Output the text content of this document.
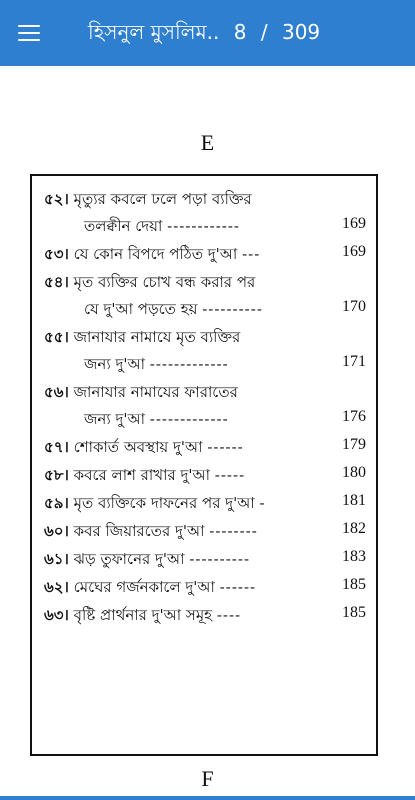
হিসনুল মুসলিম.. 8 / 309
E
৫২। মৃত্যুর কবলে ঢলে পড়া ব্যক্তির
তলক্বীন দেয়া ------------	169
৫৩। যে কোন বিপদে পঠিত দু'আ ---	169
৫৪। মৃত ব্যক্তির চোখ বন্ধ করার পর
যে দু'আ পড়তে হয় ----------	170
৫৫। জানাযার নামাযে মৃত ব্যক্তির
জন্য দু'আ -------------	171
৫৬। জানাযার নামাযের ফারাতের
জন্য দু'আ -------------	176
৫৭। শোকার্ত অবস্থায় দু'আ ------	179
৫৮। কবরে লাশ রাখার দু'আ -----	180
৫৯। মৃত ব্যক্তিকে দাফনের পর দু'আ -	181
৬০। কবর জিয়ারতের দু'আ --------	182
৬১। ঝড় তুফানের দু'আ ----------	183
৬২। মেঘের গর্জনকালে দু'আ ------	185
৬৩। বৃষ্টি প্রার্থনার দু'আ সমূহ ----	185
F
